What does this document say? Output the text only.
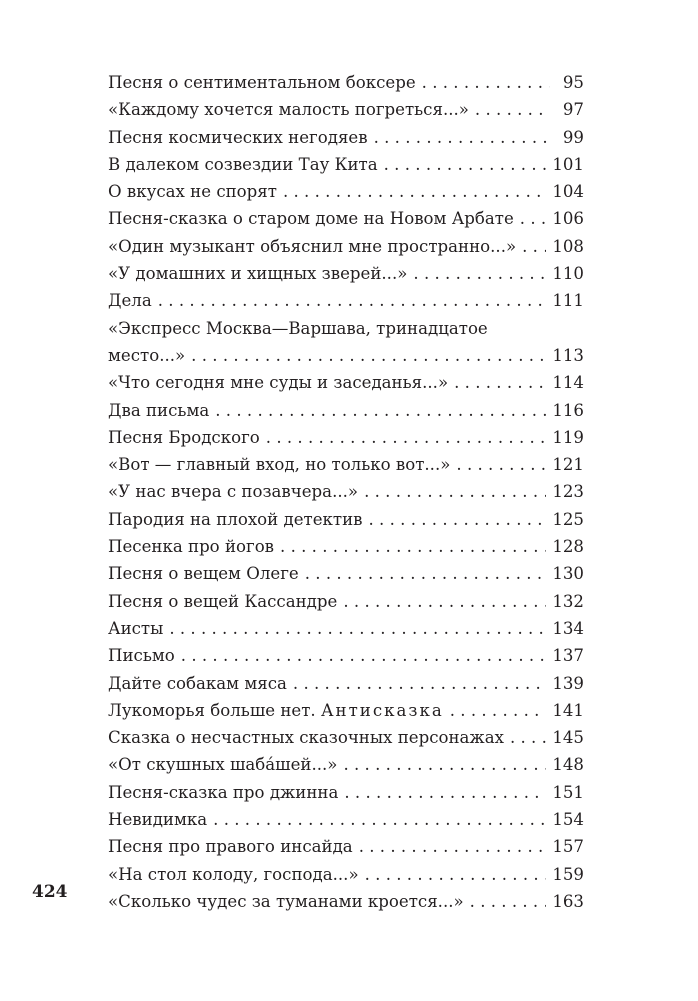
424
Песня о сентиментальном боксере . . .	95
«Каждому хочется малость погреться...» . . .	97
Песня космических негодяев . . .	99
В далеком созвездии Тау Кита . . .	101
О вкусах не спорят . . .	104
Песня-сказка о старом доме на Новом Арбате . . .	106
«Один музыкант объяснил мне пространно...» . . .	108
«У домашних и хищных зверей...» . . .	110
Дела . . .	111
«Экспресс Москва—Варшава, тринадцатое
место...» . . .	113
«Что сегодня мне суды и заседанья...» . . .	114
Два письма . . .	116
Песня Бродского . . .	119
«Вот — главный вход, но только вот...» . . .	121
«У нас вчера с позавчера...» . . .	123
Пародия на плохой детектив . . .	125
Песенка про йогов . . .	128
Песня о вещем Олеге . . .	130
Песня о вещей Кассандре . . .	132
Аисты . . .	134
Письмо . . .	137
Дайте собакам мяса . . .	139
Лукоморья больше нет. Антисказка . . .	141
Сказка о несчастных сказочных персонажах . . .	145
«От скушных шаба́шей...» . . .	148
Песня-сказка про джинна . . .	151
Невидимка . . .	154
Песня про правого инсайда . . .	157
«На стол колоду, господа...» . . .	159
«Сколько чудес за туманами кроется...» . . .	163
